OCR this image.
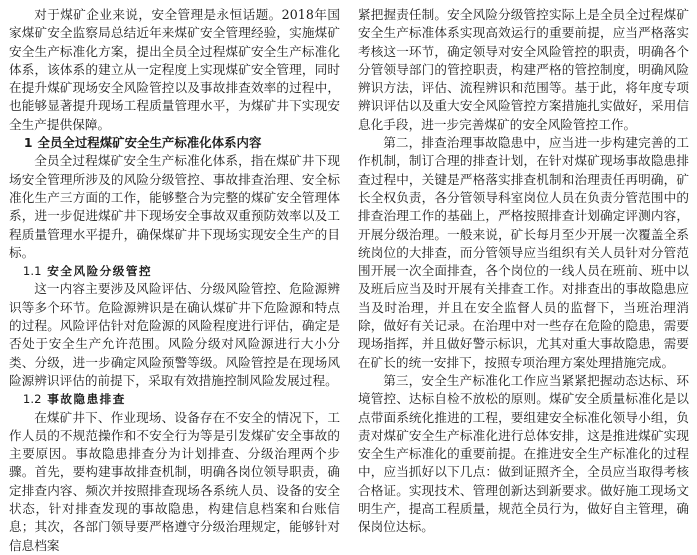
对于煤矿企业来说，安全管理是永恒话题。2018年国家煤矿安全监察局总结近年来煤矿安全管理经验，实施煤矿安全生产标准化方案，提出全员全过程煤矿安全生产标准化体系，该体系的建立从一定程度上实现煤矿安全管理，同时在提升煤矿现场安全风险管控以及事故排查效率的过程中，也能够显著提升现场工程质量管理水平，为煤矿井下实现安全生产提供保障。

1 全员全过程煤矿安全生产标准化体系内容

全员全过程煤矿安全生产标准化体系，指在煤矿井下现场安全管理所涉及的风险分级管控、事故排查治理、安全标准化生产三方面的工作，能够整合为完整的煤矿安全管理体系，进一步促进煤矿井下现场安全事故双重预防效率以及工程质量管理水平提升，确保煤矿井下现场实现安全生产的目标。

1.1 安全风险分级管控

这一内容主要涉及风险评估、分级风险管控、危险源辨识等多个环节。危险源辨识是在确认煤矿井下危险源和特点的过程。风险评估针对危险源的风险程度进行评估，确定是否处于安全生产允许范围。风险分级对风险源进行大小分类、分级，进一步确定风险预警等级。风险管控是在现场风险源辨识评估的前提下，采取有效措施控制风险发展过程。

1.2 事故隐患排查

在煤矿井下、作业现场、设备存在不安全的情况下，工作人员的不规范操作和不安全行为等是引发煤矿安全事故的主要原因。事故隐患排查分为计划排查、分级治理两个步骤。首先，要构建事故排查机制，明确各岗位领导职责，确定排查内容、频次并按照排查现场各系统人员、设备的安全状态，针对排查发现的事故隐患，构建信息档案和台账信息；其次，各部门领导要严格遵守分级治理规定，能够针对信息档案

紧把握责任制。安全风险分级管控实际上是全员全过程煤矿安全生产标准体系实现高效运行的重要前提，应当严格落实考核这一环节，确定领导对安全风险管控的职责，明确各个分管领导部门的管控职责，构建严格的管控制度，明确风险辨识方法，评估、流程辨识和范围等。基于此，将年度专项辨识评估以及重大安全风险管控方案措施扎实做好，采用信息化手段，进一步完善煤矿的安全风险管控工作。

第二，排查治理事故隐患中，应当进一步构建完善的工作机制，制订合理的排查计划，在针对煤矿现场事故隐患排查过程中，关键是严格落实排查机制和治理责任再明确，矿长全权负责，各分管领导科室岗位人员在负责分管范围中的排查治理工作的基础上，严格按照排查计划确定评测内容，开展分级治理。一般来说，矿长每月至少开展一次覆盖全系统岗位的大排查，而分管领导应当组织有关人员针对分管范围开展一次全面排查，各个岗位的一线人员在班前、班中以及班后应当及时开展有关排查工作。对排查出的事故隐患应当及时治理，并且在安全监督人员的监督下，当班治理消除，做好有关记录。在治理中对一些存在危险的隐患，需要现场指挥，并且做好警示标识，尤其对重大事故隐患，需要在矿长的统一安排下，按照专项治理方案处理措施完成。

第三，安全生产标准化工作应当紧紧把握动态达标、环境管控、达标自检不放松的原则。煤矿安全质量标准化是以点带面系统化推进的工程，要组建安全标准化领导小组，负责对煤矿安全生产标准化进行总体安排，这是推进煤矿实现安全生产标准化的重要前提。在推进安全生产标准化的过程中，应当抓好以下几点：做到证照齐全，全员应当取得考核合格证。实现技术、管理创新达到新要求。做好施工现场文明生产，提高工程质量，规范全员行为，做好自主管理，确保岗位达标。
